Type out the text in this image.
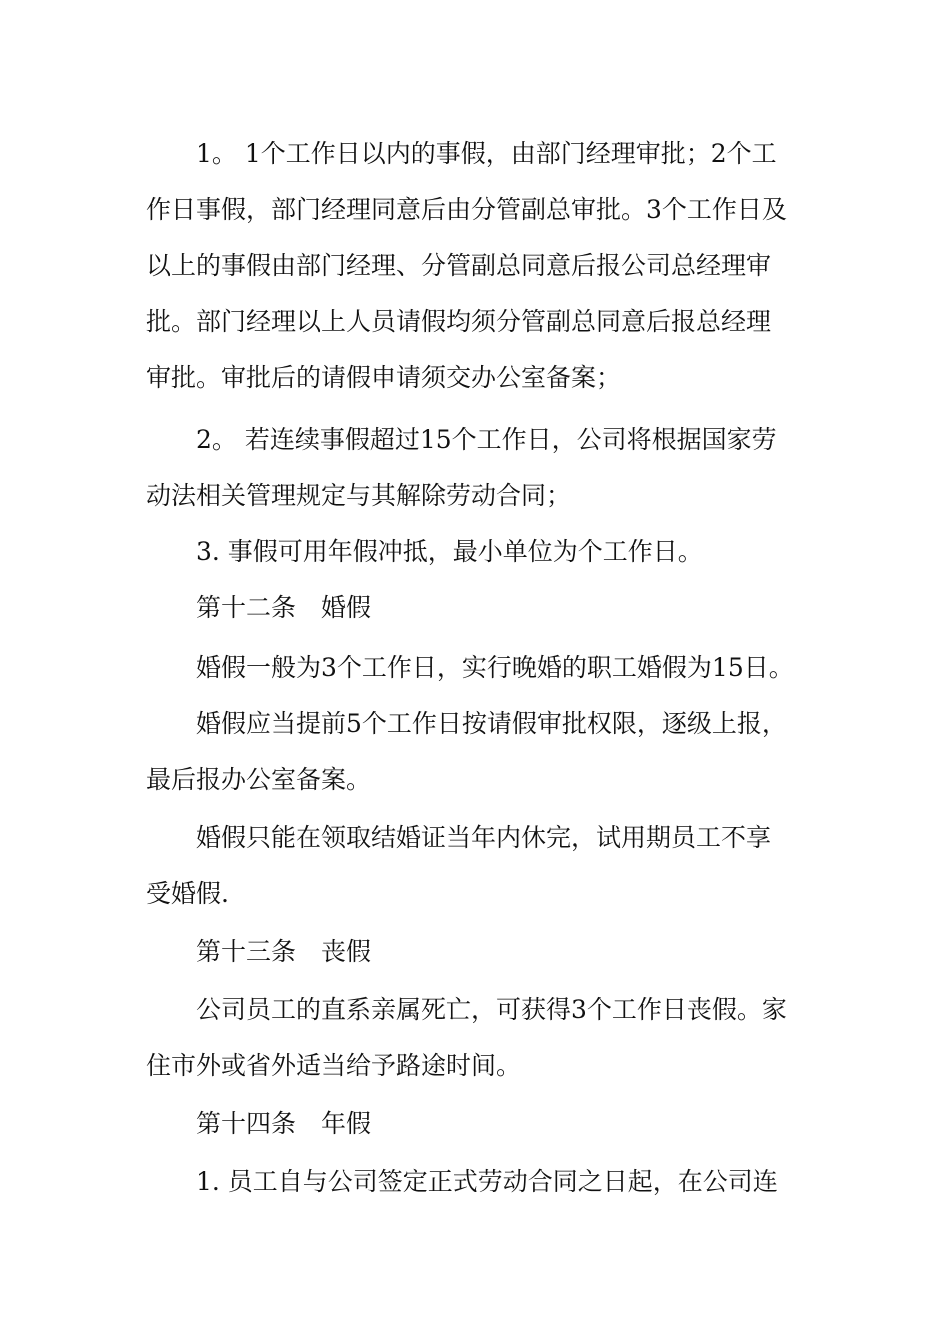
1。 1个工作日以内的事假，由部门经理审批；2个工
作日事假，部门经理同意后由分管副总审批。3个工作日及
以上的事假由部门经理、分管副总同意后报公司总经理审
批。部门经理以上人员请假均须分管副总同意后报总经理
审批。审批后的请假申请须交办公室备案；
2。 若连续事假超过15个工作日，公司将根据国家劳
动法相关管理规定与其解除劳动合同；
3. 事假可用年假冲抵，最小单位为个工作日。
第十二条　婚假
婚假一般为3个工作日，实行晚婚的职工婚假为15日。
婚假应当提前5个工作日按请假审批权限，逐级上报，
最后报办公室备案。
婚假只能在领取结婚证当年内休完，试用期员工不享
受婚假.
第十三条　丧假
公司员工的直系亲属死亡，可获得3个工作日丧假。家
住市外或省外适当给予路途时间。
第十四条　年假
1. 员工自与公司签定正式劳动合同之日起，在公司连
